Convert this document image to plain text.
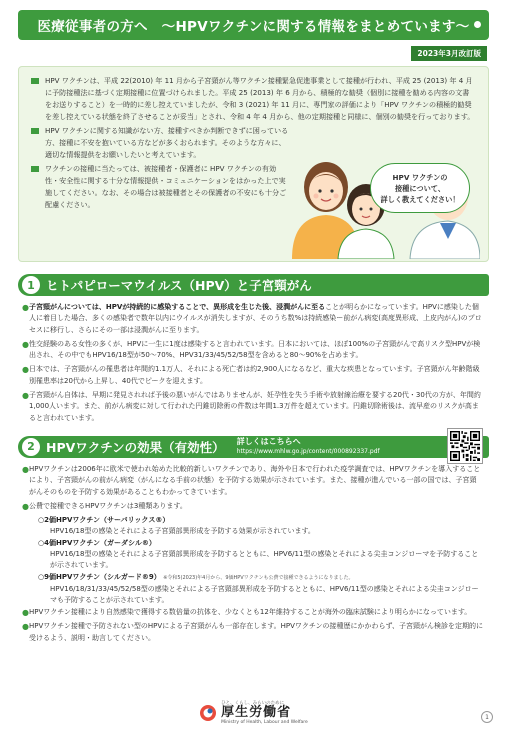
医療従事者の方へ　〜HPVワクチンに関する情報をまとめています〜
2023年3月改訂版
HPV ワクチンは、平成 22(2010) 年 11 月から子宮頸がん等ワクチン接種緊急促進事業として接種が行われ、平成 25 (2013) 年 4 月に予防接種法に基づく定期接種に位置づけられました。平成 25 (2013) 年 6 月から、積極的な勧奨（個別に接種を勧める内容の文書をお送りすること）を一時的に差し控えていましたが、令和 3 (2021) 年 11 月に、専門家の評価により「HPV ワクチンの積極的勧奨を差し控えている状態を終了させることが妥当」とされ、令和 4 年 4 月から、他の定期接種と同様に、個別の勧奨を行っております。
HPV ワクチンに関する知識がない方、接種すべきか判断できずに困っている方、接種に不安を抱いている方などが多くおられます。そのような方々に、適切な情報提供をお願いしたいと考えています。
ワクチンの接種に当たっては、被接種者・保護者に HPV ワクチンの有効性・安全性に関する十分な情報提供・コミュニケーションをはかった上で実施してください。なお、その場合は被接種者とその保護者の不安にも十分ご配慮ください。
HPV ワクチンの
接種について、
詳しく教えてください！
1 ヒトパピローマウイルス（HPV）と子宮頸がん
● 子宮頸がんについては、HPVが持続的に感染することで、異形成を生じた後、浸潤がんに至ることが明らかになっています。HPVに感染した個人に着目した場合、多くの感染者で数年以内にウイルスが消失しますが、そのうち数%は持続感染ー前がん病変(高度異形成、上皮内がん)のプロセスに移行し、さらにその一部は浸潤がんに至ります。
● 性交経験のある女性の多くが、HPVに一生に1度は感染すると言われています。日本においては、ほぼ100%の子宮頸がんで高リスク型HPVが検出され、その中でもHPV16/18型が50〜70%、HPV31/33/45/52/58型を含めると80〜90%を占めます。
● 日本では、子宮頸がんの罹患者は年間約1.1万人、それによる死亡者は約2,900人になるなど、重大な疾患となっています。子宮頸がん年齢階級別罹患率は20代から上昇し、40代でピークを迎えます。
● 子宮頸がん自体は、早期に発見されれば予後の悪いがんではありませんが、妊孕性を失う手術や放射線治療を要する20代・30代の方が、年間約1,000人います。また、前がん病変に対して行われた円錐切除術の件数は年間1.3万件を超えています。円錐切除術後は、流早産のリスクが高まると言われています。
2 HPVワクチンの効果（有効性） 詳しくはこちらへ
https://www.mhlw.go.jp/content/000892337.pdf
● HPVワクチンは2006年に欧米で使われ始めた比較的新しいワクチンであり、海外や日本で行われた疫学調査では、HPVワクチンを導入することにより、子宮頸がんの前がん病変（がんになる手前の状態）を予防する効果が示されています。また、接種が進んでいる一部の国では、子宮頸がんそのものを予防する効果があることもわかってきています。
● 公費で接種できるHPVワクチンは3種類あります。
○2価HPVワクチン（サーバリックス®）
HPV16/18型の感染とそれによる子宮頸部異形成を予防する効果が示されています。
○4価HPVワクチン（ガーダシル®）
HPV16/18型の感染とそれによる子宮頸部異形成を予防するとともに、HPV6/11型の感染とそれによる尖圭コンジローマを予防することが示されています。
○9価HPVワクチン（シルガード®9） ※令和5(2023)年4月から、9価HPVワクチンも公費で接種できるようになりました。
HPV16/18/31/33/45/52/58型の感染とそれによる子宮頸部異形成を予防するとともに、HPV6/11型の感染とそれによる尖圭コンジローマも予防することが示されています。
● HPVワクチン接種により自然感染で獲得する数倍量の抗体を、少なくとも12年維持することが海外の臨床試験により明らかになっています。
● HPVワクチン接種で予防されない型のHPVによる子宮頸がんも一部存在します。HPVワクチンの接種歴にかかわらず、子宮頸がん検診を定期的に受けるよう、説明・助言してください。
ひと、くらし、みらいのために
厚生労働省
Ministry of Health, Labour and Welfare
1
